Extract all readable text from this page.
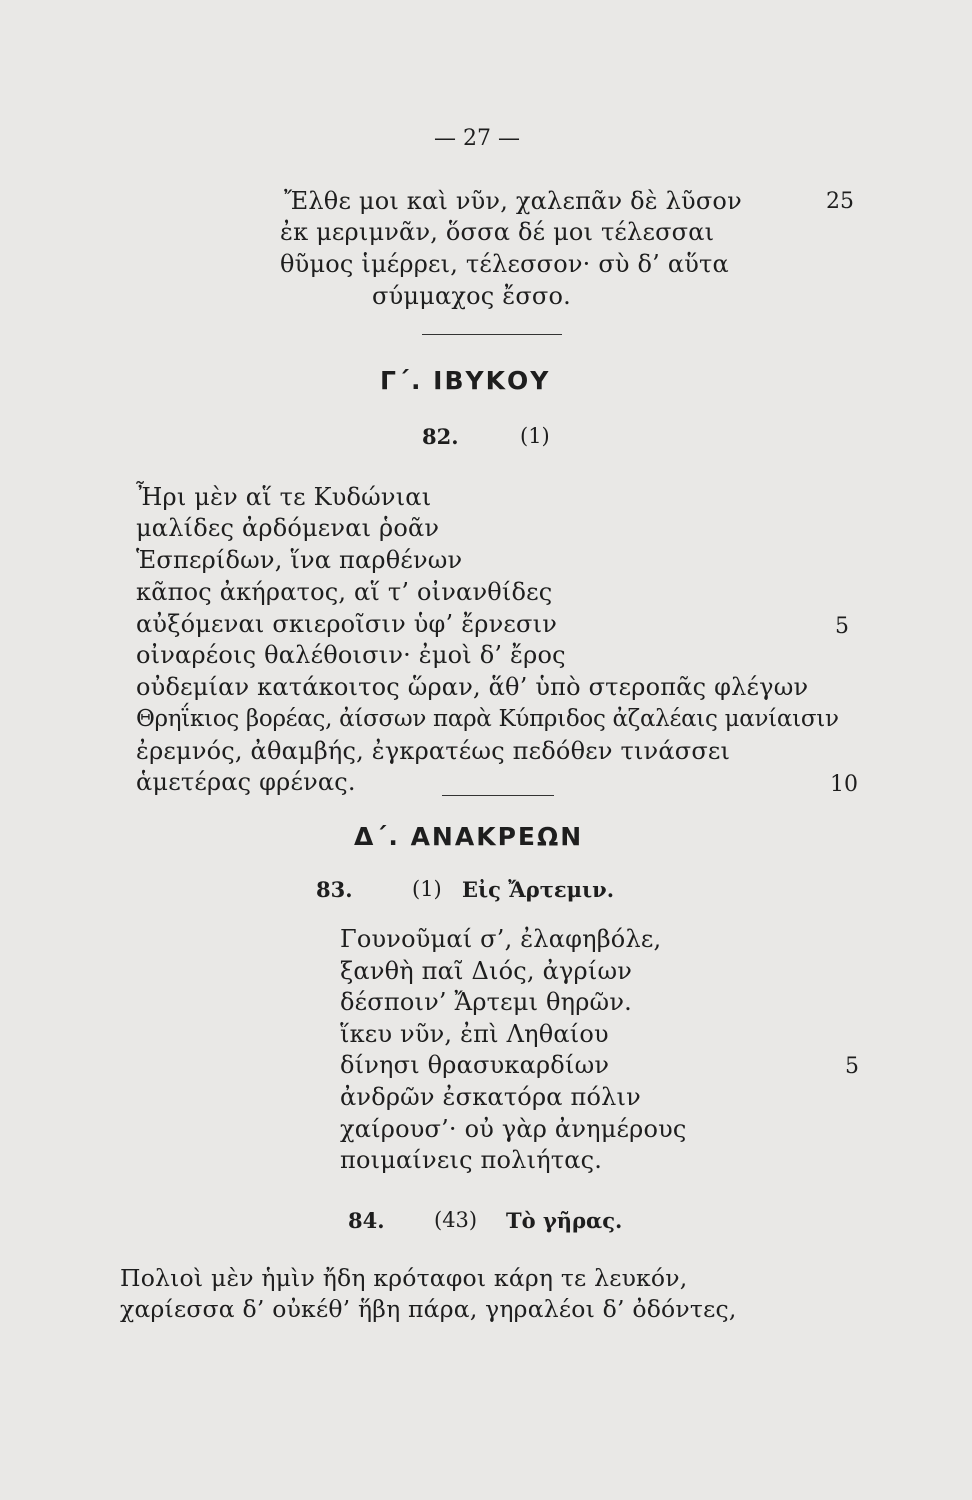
— 27 —
Ἔλθε μοι καὶ νῦν, χαλεπᾶν δὲ λῦσον
ἐκ μεριμνᾶν, ὅσσα δέ μοι τέλεσσαι
θῦμος ἱμέρρει, τέλεσσον· σὺ δ’ αὕτα
σύμμαχος ἔσσο.
25
Γ΄. ΙΒΥΚΟΥ
82.	(1)
Ἦρι μὲν αἵ τε Κυδώνιαι
μαλίδες ἀρδόμεναι ῥοᾶν
Ἑσπερίδων, ἵνα παρθένων
κᾶπος ἀκήρατος, αἵ τ’ οἰνανθίδες
αὐξόμεναι σκιεροῖσιν ὑφ’ ἔρνεσιν
οἰναρέοις θαλέθοισιν· ἐμοὶ δ’ ἔρος
οὐδεμίαν κατάκοιτος ὥραν, ἅθ’ ὑπὸ στεροπᾶς φλέγων
Θρηΐκιος βορέας, ἀίσσων παρὰ Κύπριδος ἀζαλέαις μανίαισιν
ἐρεμνός, ἀθαμβής, ἐγκρατέως πεδόθεν τινάσσει
ἁμετέρας φρένας.
5
10
Δ΄. ΑΝΑΚΡΕΩΝ
83.	(1) Εἰς Ἄρτεμιν.
Γουνοῦμαί σ’, ἐλαφηβόλε,
ξανθὴ παῖ Διός, ἀγρίων
δέσποιν’ Ἄρτεμι θηρῶν.
ἵκευ νῦν, ἐπὶ Ληθαίου
δίνησι θρασυκαρδίων
ἀνδρῶν ἐσκατόρα πόλιν
χαίρουσ’· οὐ γὰρ ἀνημέρους
ποιμαίνεις πολιήτας.
5
84. (43) Τὸ γῆρας.
Πολιοὶ μὲν ἡμὶν ἤδη κρόταφοι κάρη τε λευκόν,
χαρίεσσα δ’ οὐκέθ’ ἥβη πάρα, γηραλέοι δ’ ὀδόντες,
